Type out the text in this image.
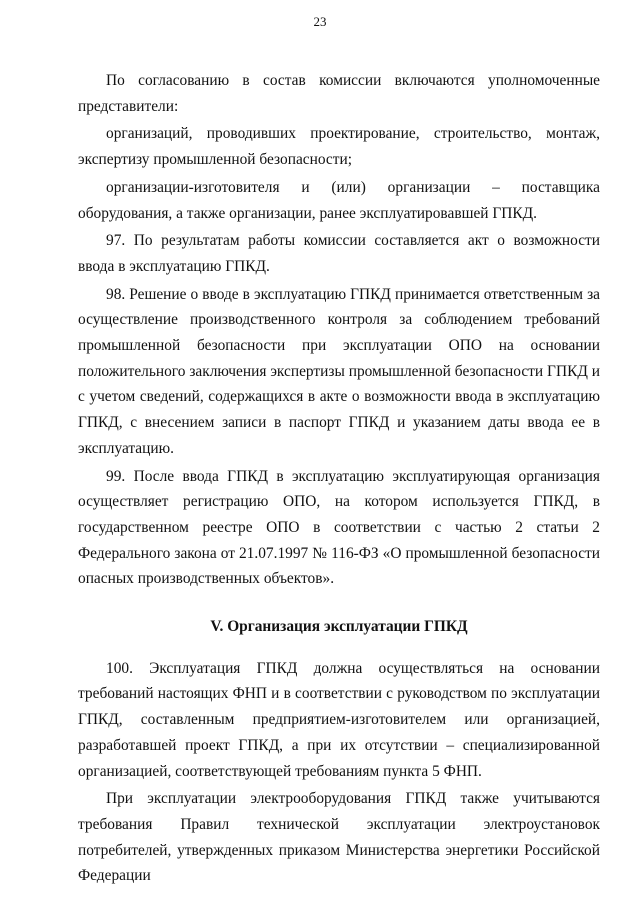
23

По согласованию в состав комиссии включаются уполномоченные представители:

организаций, проводивших проектирование, строительство, монтаж, экспертизу промышленной безопасности;

организации-изготовителя и (или) организации – поставщика оборудования, а также организации, ранее эксплуатировавшей ГПКД.

97. По результатам работы комиссии составляется акт о возможности ввода в эксплуатацию ГПКД.

98. Решение о вводе в эксплуатацию ГПКД принимается ответственным за осуществление производственного контроля за соблюдением требований промышленной безопасности при эксплуатации ОПО на основании положительного заключения экспертизы промышленной безопасности ГПКД и с учетом сведений, содержащихся в акте о возможности ввода в эксплуатацию ГПКД, с внесением записи в паспорт ГПКД и указанием даты ввода ее в эксплуатацию.

99. После ввода ГПКД в эксплуатацию эксплуатирующая организация осуществляет регистрацию ОПО, на котором используется ГПКД, в государственном реестре ОПО в соответствии с частью 2 статьи 2 Федерального закона от 21.07.1997 № 116-ФЗ «О промышленной безопасности опасных производственных объектов».

V. Организация эксплуатации ГПКД

100. Эксплуатация ГПКД должна осуществляться на основании требований настоящих ФНП и в соответствии с руководством по эксплуатации ГПКД, составленным предприятием-изготовителем или организацией, разработавшей проект ГПКД, а при их отсутствии – специализированной организацией, соответствующей требованиям пункта 5 ФНП.

При эксплуатации электрооборудования ГПКД также учитываются требования Правил технической эксплуатации электроустановок потребителей, утвержденных приказом Министерства энергетики Российской Федерации
